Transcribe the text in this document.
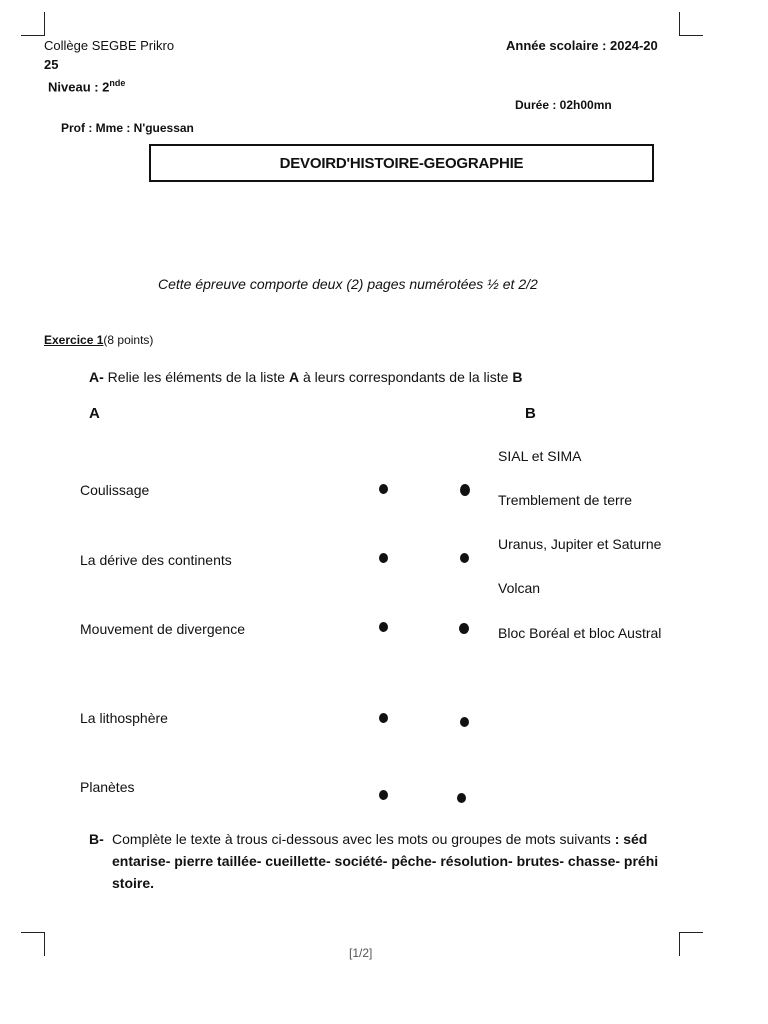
Collège SEGBE Prikro	Année scolaire : 2024-20
25
Niveau : 2nde
Durée : 02h00mn
Prof : Mme : N'guessan
DEVOIRD'HISTOIRE-GEOGRAPHIE
Cette épreuve comporte deux (2) pages numérotées ½ et 2/2
Exercice 1(8 points)
A- Relie les éléments de la liste A à leurs correspondants de la liste B
A	B
Coulissage
La dérive des continents
Mouvement de divergence
La lithosphère
Planètes
SIAL et SIMA
Tremblement de terre
Uranus, Jupiter et Saturne
Volcan
Bloc Boréal et bloc Austral
B- Complète le texte à trous ci-dessous avec les mots ou groupes de mots suivants : séd
entarise- pierre taillée- cueillette- société- pêche- résolution- brutes- chasse- préhi
stoire.
[1/2]
